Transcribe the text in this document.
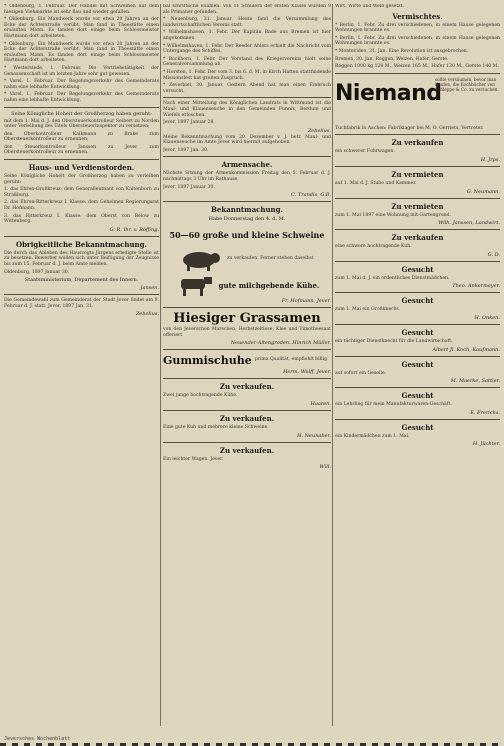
* Oldenburg, 1. Februar. Der Handel mit Schweinen auf dem hiesigen Viehmarkte ist sehr flau und wieder gefallen.

* Oldenburg. Ein Mandwerk wurde vor etwa 20 Jahren an der Ecke der Achterstraße verübt. Man fand in Theestätte einen ersäuften Mann. Es fanden dort einige beim Schlossmeister Hartmann dort arbeiteten.

* Oldenburg. Ein Mandwerk wurde vor etwa 20 Jahren an der Ecke der Achterstraße verübt. Man fand in Theestätte einen ersäuften Mann. Es fanden dort einige beim Schlossmeister Hartmann dort arbeiteten.

* Westerstede, 1. Februar. Die Vertriebstätigkeit der Genossenschaft ist im letzten Jahre sehr gut gewesen.

* Varel, 1. Februar. Der Regelungsverkehr des Gemeinderats nahm eine lebhafte Entwicklung.

* Varel, 1. Februar. Der Regelungsverkehr des Gemeinderats nahm eine lebhafte Entwicklung.

Seine Königliche Hoheit der Großherzog haben geruht:

mit dem 1. Mai d. J. den Obersteuerkontrolleur Seibert zu Norden unter Verleihung des Titels Obersteuerinspektor zu versetzen;

den Oberkontrolleur Kalkmann zu Brake zum Obersteuerkontrolleur zu ernennen;

den Steuerkontrolleur Janssen zu Jever zum Obersteuerkontrolleur zu ernennen.

Haus- und Verdienstorden.

Seine Königliche Hoheit der Großherzog haben zu verleihen geruht:

1. das Ehren-Großkreuz: dem Generalleutnant von Kaltenborn zu Straßburg.

2. das Ehren-Ritterkreuz I. Klasse: dem Geheimen Regierungsrat Dr. Hofmann.

3. das Ritterkreuz I. Klasse: dem Oberst von Below zu Wittenberg.

G. R. Ihr. v. Röffing.

Obrigkeitliche Bekanntmachung.

Die durch das Ableben des Hausvogts Jürgens erledigte Stelle ist zu besetzen. Bewerber wollen sich unter Beifügung der Zeugnisse bis zum 15. Februar d. J. beim Amte melden.

Oldenburg, 1897 Januar 30.

Staatsministerium, Departement des Innern.

Jansen.

Die Gemeindewahl zum Gemeinderat der Stadt Jever findet am 9. Februar d. J. statt. Jever, 1897 Jan. 31.

Zebelius.

bal schriftliche Examen. Von 11 Schülern der ersten Klasse wurden 9 als Primaner gefunden.

* Neuenburg, 31. Januar. Heute fand die Versammlung des landwirtschaftlichen Vereins statt.

* Wilhelmshaven, 1. Febr. Der Kapitän Bade aus Bremen ist hier angekommen.

* Wilhelmshaven, 1. Febr. Der Reeder Ahlers erhielt die Nachricht vom Untergange des Schiffes.

* Bockhorn, 1. Febr. Der Vorstand des Kriegervereins hielt seine Generalversammlung ab.

* Horsten, 1. Febr. Der vom 3. bis 6. d. M. in Kirch Hatten stattfindende Missionsfest hat großen Zuspruch.

* Zeverbiel, 30. Januar. Gestern Abend hat man einen Einbruch versucht.

Nach einer Mitteilung des Königlichen Landrats in Wittmund ist die Maul- und Klauenseuche in den Gemeinden Funnix, Berdum und Wiefels erloschen.

Jever, 1897 Januar 28.

Zebelius.

Meine Bekanntmachung vom 20. Dezember v. J. betr. Maul- und Klauenseuche im Amte Jever wird hiermit aufgehoben.

Jever, 1897 Jan. 30.

Armensache.

Nächste Sitzung der Armenkommission Freitag den 5. Februar d. J. nachmittags 3 Uhr im Rathause.

Jever, 1897 Januar 30.

C. Trandis, G.B.

Bekanntmachung.

Habe Donnerstag den 4. d. M.

50—60 große und kleine Schweine

zu verkaufen. Ferner stehen daselbst
gute milchgebende Kühe.

Fr. Hofmann, Jever.

Hiesiger Grassamen

von den Jeverschen Marschen, Herbstzeitlose, Klee und Timotheesaat offeriert

Neuender-Altengroden. Hinrich Müller.

Gummischuhe prima Qualität, empfiehlt billig

Herm. Wolff, Jever.

Zu verkaufen.

Zwei junge hochtragende Kühe.

Haaren.

Zu verkaufen.

Eine gute Kuh und mehrere kleine Schweine.

H. Neunaber.

Zu verkaufen.

Ein leichter Wagen. Jever.

Will.

Wirt, Wirte und Weib gesetzt.

Vermischtes.

* Berlin, 1. Febr. Zu drei verschiedenen, in einem Hause gelegenen Wohnungen brannte es.

* Berlin, 1. Febr. Zu drei verschiedenen, in einem Hause gelegenen Wohnungen brannte es.

* Montevideo, 31. Jan. Eine Revolution ist ausgebrochen.

Bremen, 30. Jan. Roggen, Weizen, Hafer, Gerste.

Roggen 1000 kg 128 M., Weizen 165 M., Hafer 130 M., Gerste 140 M.

Niemand
sollte versäumen, bevor man Kaufen, die Kochbücher von Schleppe & Co. zu versuchen.

Tuchfabrik in Aachen: Fabriklager bei M. O. Gerriets, Vertreter.

Zu verkaufen

ein schwerer Fuhrwagen.

H. Jrps.

Zu vermieten

auf 1. Mai d. J. Stube und Kammer.

G. Neumann.

Zu vermieten

zum 1. Mai 1897 eine Wohnung mit Gartengrund.

Wilh. Janssen, Landwirt.

Zu verkaufen

eine schwere hochtragende Kuh.

G. D.

Gesucht

zum 1. Mai d. J. ein ordentliches Dienstmädchen.

Theo. Ankermeyer.

Gesucht

zum 1. Mai ein Großknecht.

H. Onken.

Gesucht

ein tüchtiger Dienstknecht für die Landwirtschaft.

Albert Jl. Koch, Kaufmann.

Gesucht

auf sofort ein Geselle.

M. Maerke, Sattler.

Gesucht

ein Lehrling für mein Manufakturwaren-Geschäft.

E. Frerichs.

Gesucht

ein Kindermädchen zum 1. Mai.

H. Jüchter.

Jeversches Wochenblatt
